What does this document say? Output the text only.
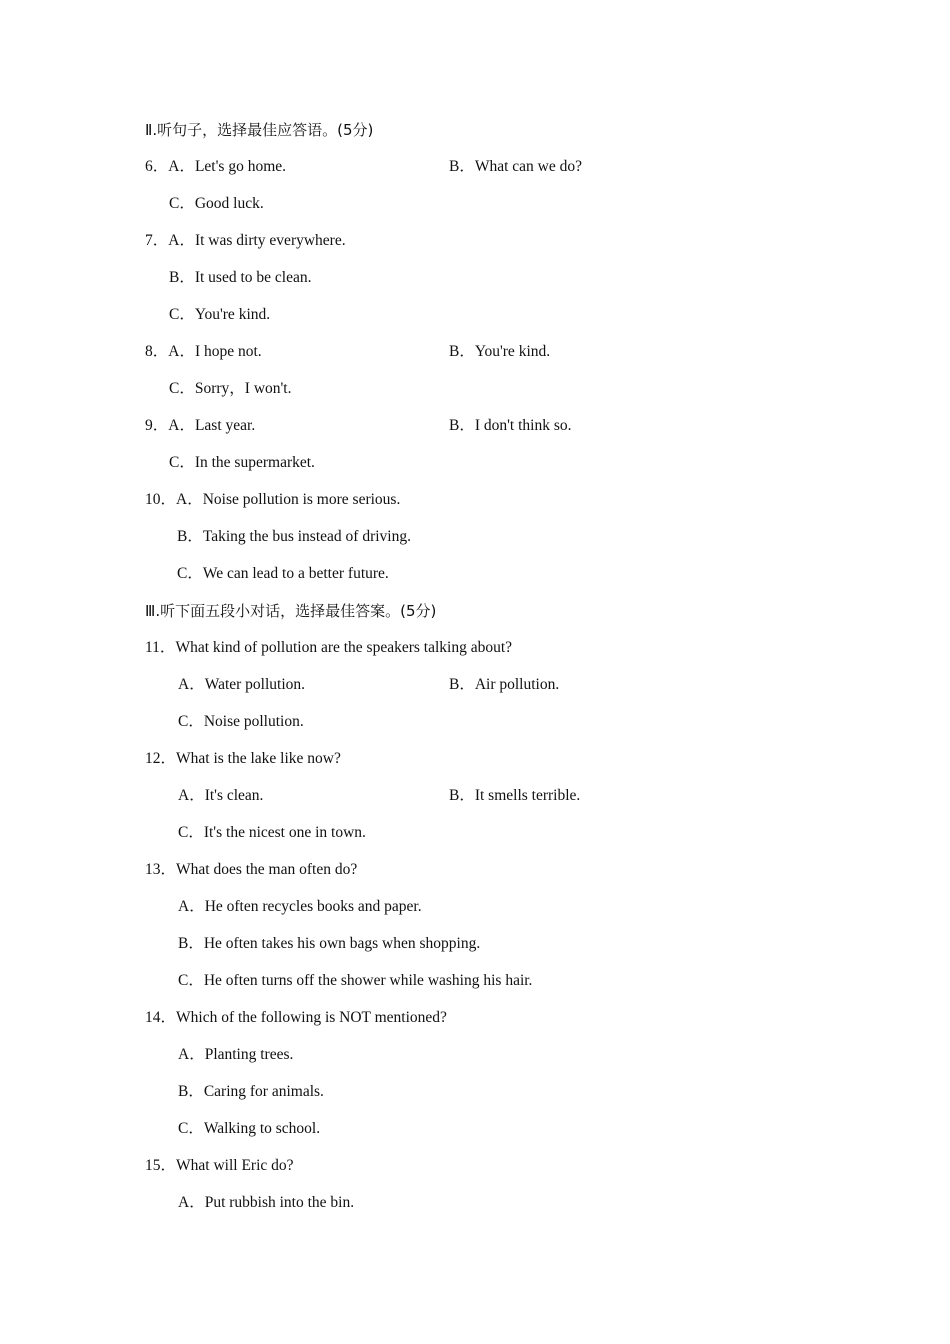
Ⅱ.听句子，选择最佳应答语。(5分)
6．A．Let's go home.	B．What can we do?
C．Good luck.
7．A．It was dirty everywhere.
B．It used to be clean.
C．You're kind.
8．A．I hope not.	B．You're kind.
C．Sorry，I won't.
9．A．Last year.	B．I don't think so.
C．In the supermarket.
10．A．Noise pollution is more serious.
B．Taking the bus instead of driving.
C．We can lead to a better future.
Ⅲ.听下面五段小对话，选择最佳答案。(5分)
11．What kind of pollution are the speakers talking about?
A．Water pollution.	B．Air pollution.
C．Noise pollution.
12．What is the lake like now?
A．It's clean.	B．It smells terrible.
C．It's the nicest one in town.
13．What does the man often do?
A．He often recycles books and paper.
B．He often takes his own bags when shopping.
C．He often turns off the shower while washing his hair.
14．Which of the following is NOT mentioned?
A．Planting trees.
B．Caring for animals.
C．Walking to school.
15．What will Eric do?
A．Put rubbish into the bin.
